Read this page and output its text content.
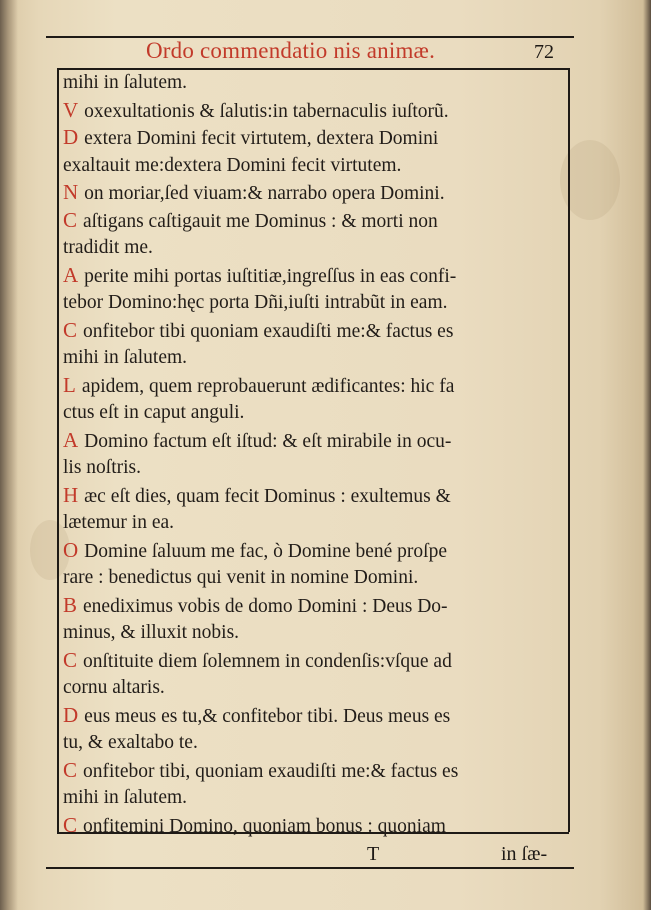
Ordo commendatio nis animæ.	72
mihi in ſalutem.
V oxexultationis & ſalutis:in tabernaculis iuſtorũ.
D extera Domini fecit virtutem, dextera Domini
exaltauit me:dextera Domini fecit virtutem.
N on moriar,ſed viuam:& narrabo opera Domini.
C aſtigans caſtigauit me Dominus : & morti non
tradidit me.
A perite mihi portas iuſtitiæ,ingreſſus in eas confi-
tebor Domino:hęc porta Dñi,iuſti intrabũt in eam.
C onfitebor tibi quoniam exaudiſti me:& factus es
mihi in ſalutem.
L apidem, quem reprobauerunt ædificantes: hic fa
ctus eſt in caput anguli.
A Domino factum eſt iſtud: & eſt mirabile in ocu-
lis noſtris.
H æc eſt dies, quam fecit Dominus : exultemus &
lætemur in ea.
O Domine ſaluum me fac, ò Domine bené proſpe
rare : benedictus qui venit in nomine Domini.
B enediximus vobis de domo Domini : Deus Do-
minus, & illuxit nobis.
C onſtituite diem ſolemnem in condenſis:vſque ad
cornu altaris.
D eus meus es tu,& confitebor tibi. Deus meus es
tu, & exaltabo te.
C onfitebor tibi, quoniam exaudiſti me:& factus es
mihi in ſalutem.
C onfitemini Domino, quoniam bonus : quoniam
T	in ſæ-
